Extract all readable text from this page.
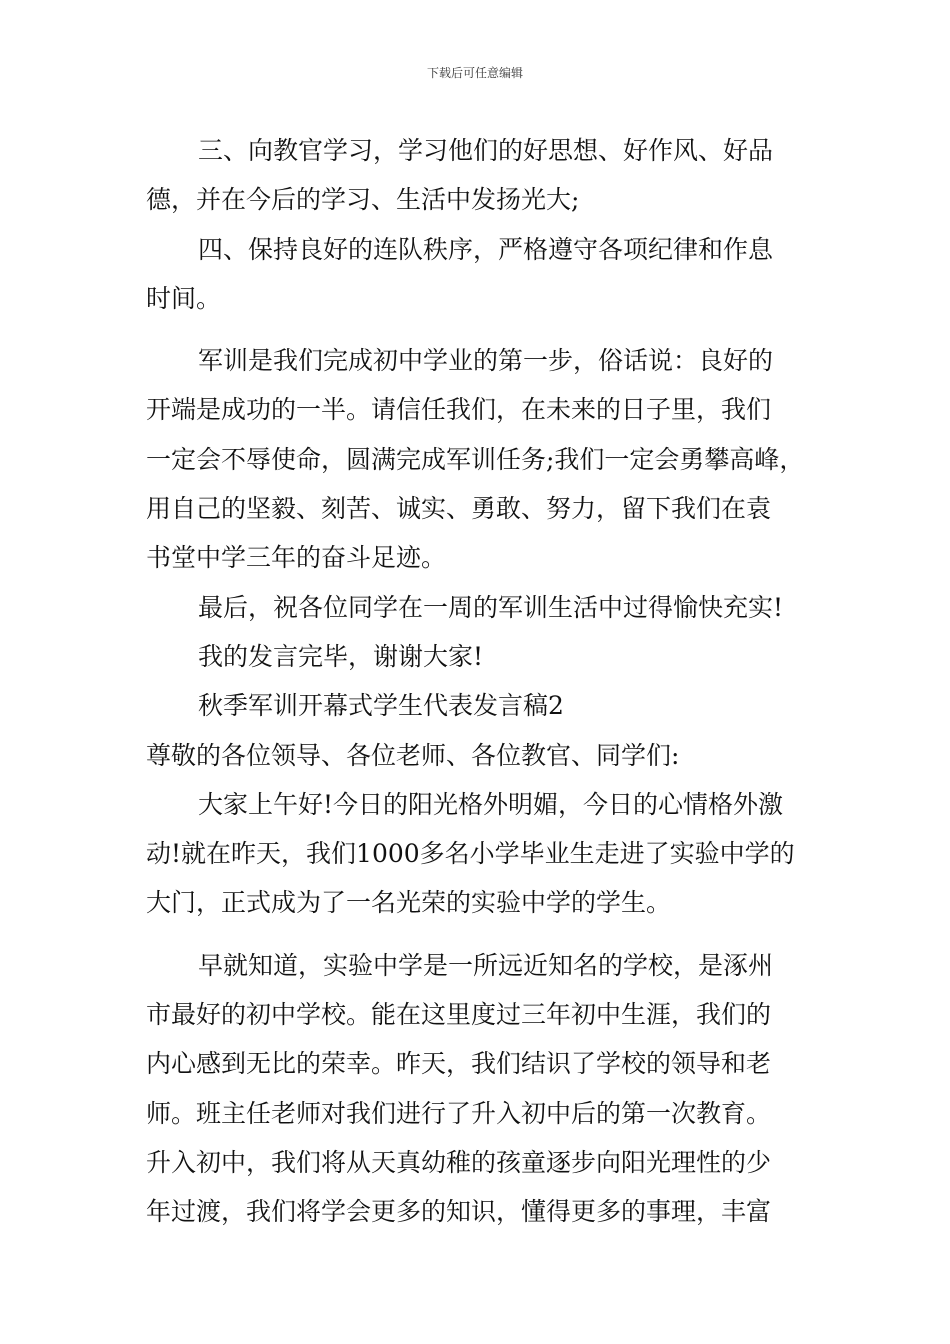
下载后可任意编辑
三、向教官学习，学习他们的好思想、好作风、好品
德，并在今后的学习、生活中发扬光大;
四、保持良好的连队秩序，严格遵守各项纪律和作息
时间。
军训是我们完成初中学业的第一步，俗话说：良好的
开端是成功的一半。请信任我们，在未来的日子里，我们
一定会不辱使命，圆满完成军训任务;我们一定会勇攀高峰，
用自己的坚毅、刻苦、诚实、勇敢、努力，留下我们在袁
书堂中学三年的奋斗足迹。
最后，祝各位同学在一周的军训生活中过得愉快充实!
我的发言完毕，谢谢大家!
秋季军训开幕式学生代表发言稿2
尊敬的各位领导、各位老师、各位教官、同学们:
大家上午好!今日的阳光格外明媚，今日的心情格外激
动!就在昨天，我们1000多名小学毕业生走进了实验中学的
大门，正式成为了一名光荣的实验中学的学生。
早就知道，实验中学是一所远近知名的学校，是涿州
市最好的初中学校。能在这里度过三年初中生涯，我们的
内心感到无比的荣幸。昨天，我们结识了学校的领导和老
师。班主任老师对我们进行了升入初中后的第一次教育。
升入初中，我们将从天真幼稚的孩童逐步向阳光理性的少
年过渡，我们将学会更多的知识，懂得更多的事理，丰富
